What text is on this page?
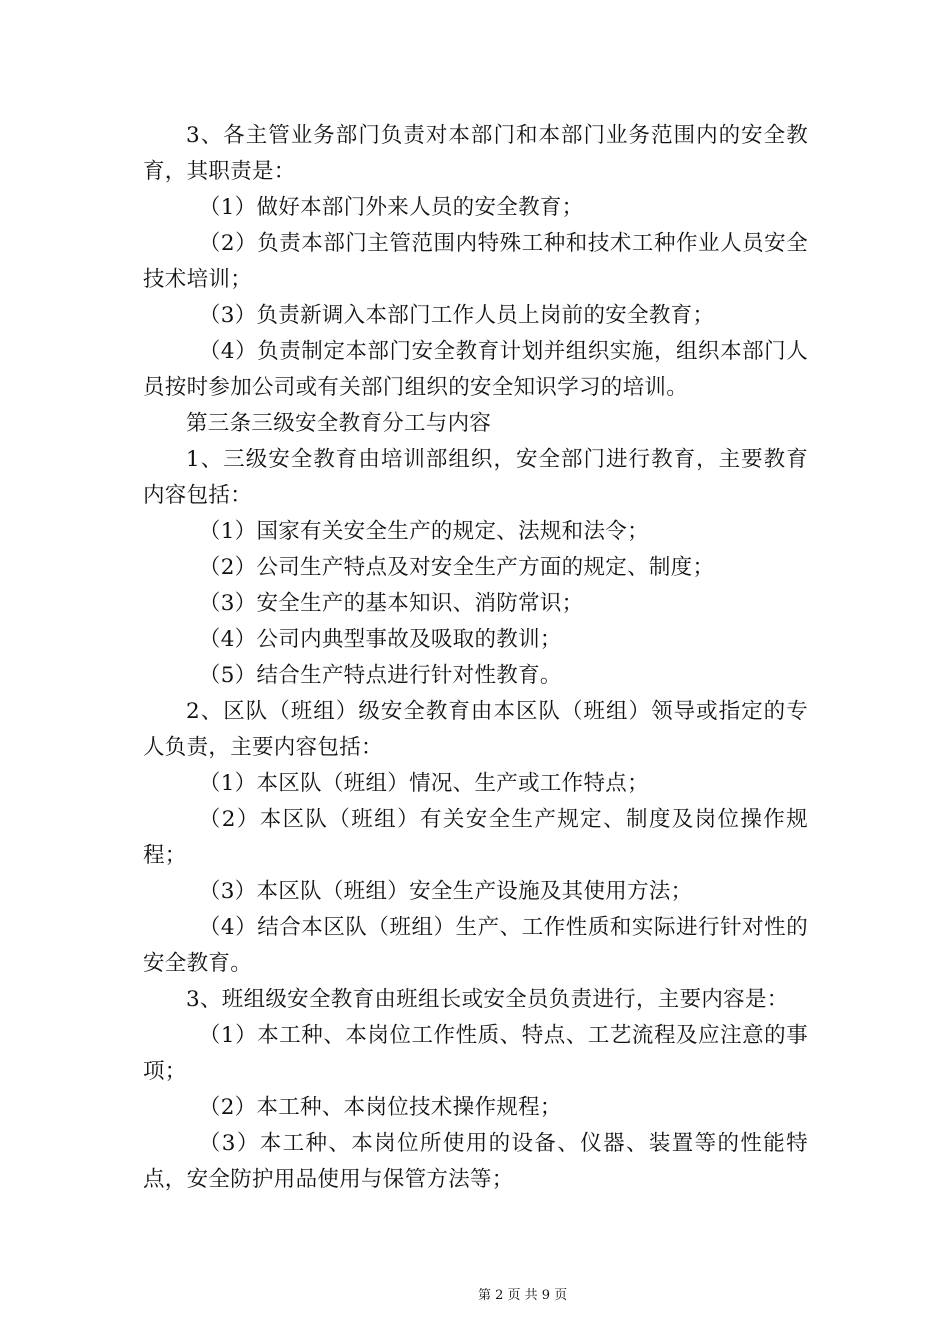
3、各主管业务部门负责对本部门和本部门业务范围内的安全教育，其职责是：

（1）做好本部门外来人员的安全教育；

（2）负责本部门主管范围内特殊工种和技术工种作业人员安全技术培训；

（3）负责新调入本部门工作人员上岗前的安全教育；

（4）负责制定本部门安全教育计划并组织实施，组织本部门人员按时参加公司或有关部门组织的安全知识学习的培训。

第三条三级安全教育分工与内容

1、三级安全教育由培训部组织，安全部门进行教育，主要教育内容包括：

（1）国家有关安全生产的规定、法规和法令；

（2）公司生产特点及对安全生产方面的规定、制度；

（3）安全生产的基本知识、消防常识；

（4）公司内典型事故及吸取的教训；

（5）结合生产特点进行针对性教育。

2、区队（班组）级安全教育由本区队（班组）领导或指定的专人负责，主要内容包括：

（1）本区队（班组）情况、生产或工作特点；

（2）本区队（班组）有关安全生产规定、制度及岗位操作规程；

（3）本区队（班组）安全生产设施及其使用方法；

（4）结合本区队（班组）生产、工作性质和实际进行针对性的安全教育。

3、班组级安全教育由班组长或安全员负责进行，主要内容是：

（1）本工种、本岗位工作性质、特点、工艺流程及应注意的事项；

（2）本工种、本岗位技术操作规程；

（3）本工种、本岗位所使用的设备、仪器、装置等的性能特点，安全防护用品使用与保管方法等；

第 2 页 共 9 页
